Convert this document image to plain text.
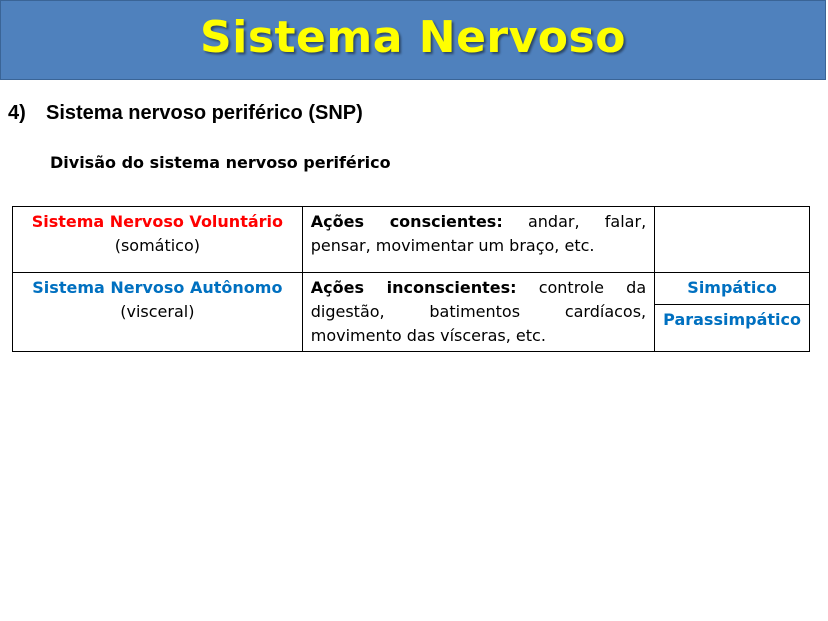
Sistema Nervoso
4) Sistema nervoso periférico (SNP)
Divisão do sistema nervoso periférico
Sistema Nervoso Voluntário
(somático)	Ações conscientes: andar, falar, pensar, movimentar um braço, etc.	
Sistema Nervoso Autônomo
(visceral)	Ações inconscientes: controle da digestão, batimentos cardíacos, movimento das vísceras, etc.	Simpático
		Parassimpático
